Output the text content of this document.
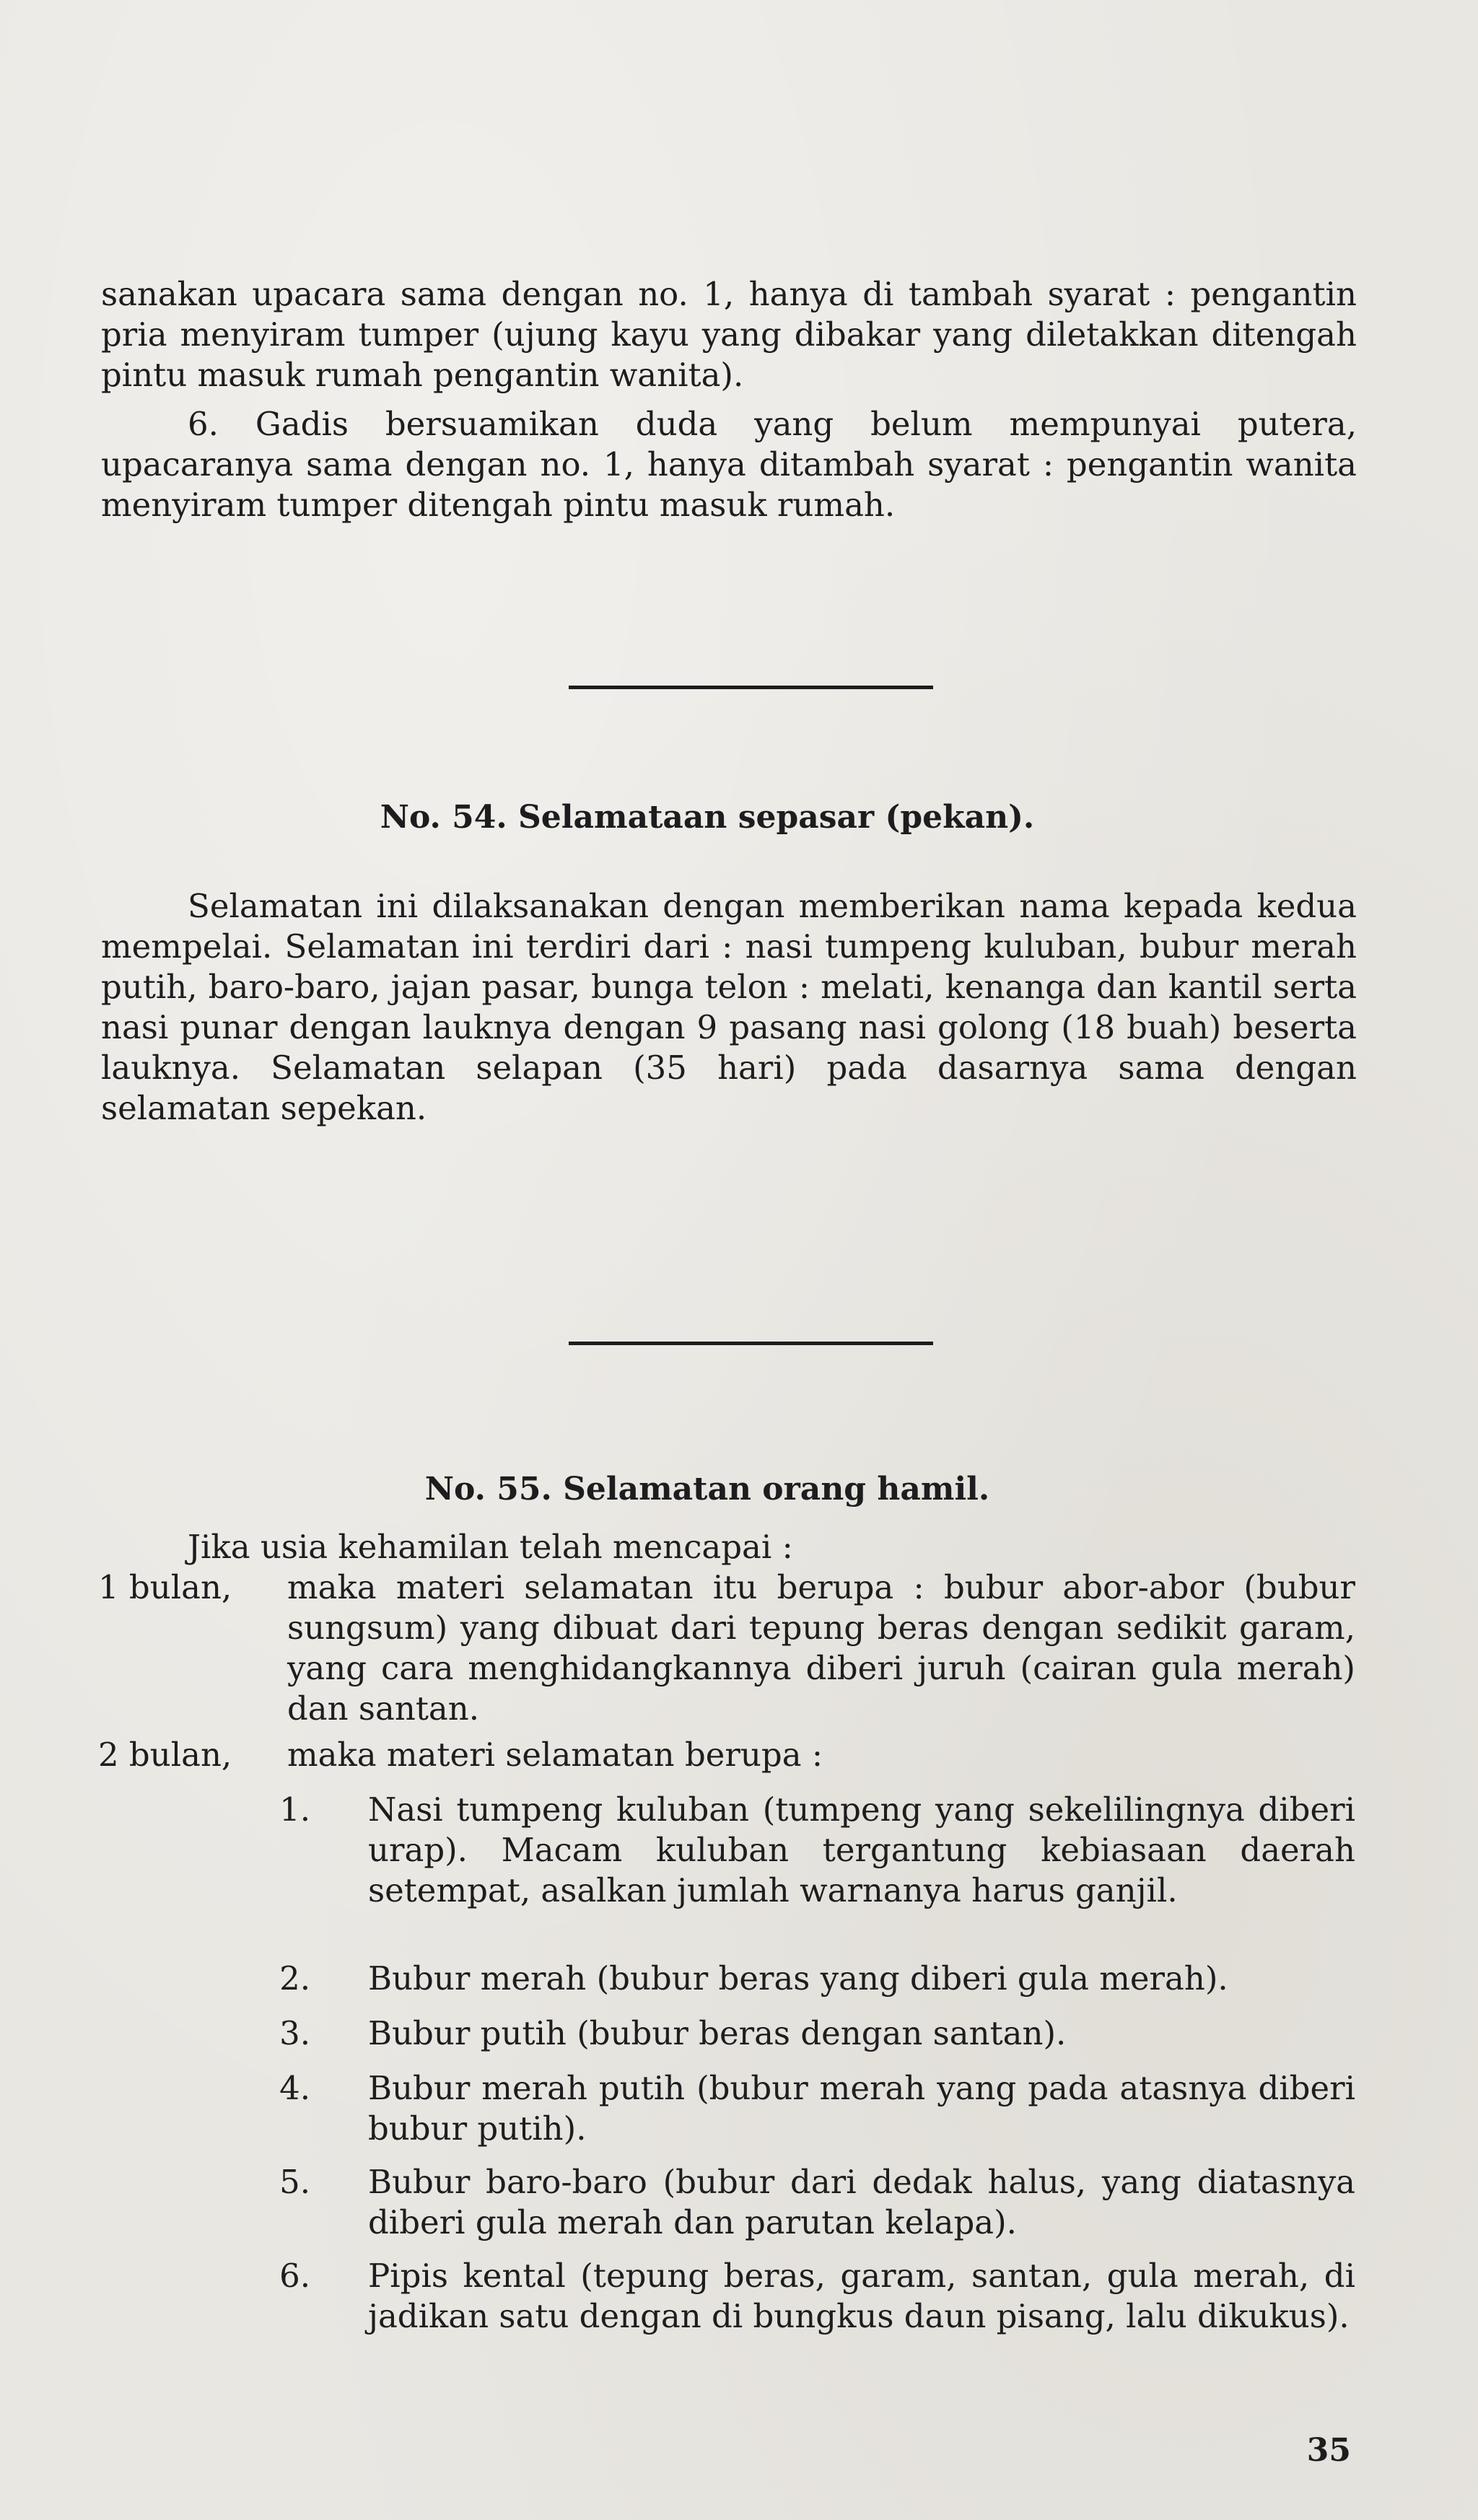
sanakan upacara sama dengan no. 1, hanya di tambah syarat : pengantin pria menyiram tumper (ujung kayu yang dibakar yang diletakkan ditengah pintu masuk rumah pengantin wanita).

6. Gadis bersuamikan duda yang belum mempunyai putera, upacaranya sama dengan no. 1, hanya ditambah syarat : pengantin wanita menyiram tumper ditengah pintu masuk rumah.

No. 54. Selamataan sepasar (pekan).

Selamatan ini dilaksanakan dengan memberikan nama kepada kedua mempelai. Selamatan ini terdiri dari : nasi tumpeng kuluban, bubur merah putih, baro-baro, jajan pasar, bunga telon : melati, kenanga dan kantil serta nasi punar dengan lauknya dengan 9 pasang nasi golong (18 buah) beserta lauknya. Selamatan selapan (35 hari) pada dasarnya sama dengan selamatan sepekan.

No. 55. Selamatan orang hamil.
Jika usia kehamilan telah mencapai :
1 bulan, maka materi selamatan itu berupa : bubur abor-abor (bubur sungsum) yang dibuat dari tepung beras dengan sedikit garam, yang cara menghidangkannya diberi juruh (cairan gula merah) dan santan.
2 bulan, maka materi selamatan berupa :
1. Nasi tumpeng kuluban (tumpeng yang sekelilingnya diberi urap). Macam kuluban tergantung kebiasaan daerah setempat, asalkan jumlah warnanya harus ganjil.
2. Bubur merah (bubur beras yang diberi gula merah).
3. Bubur putih (bubur beras dengan santan).
4. Bubur merah putih (bubur merah yang pada atasnya diberi bubur putih).
5. Bubur baro-baro (bubur dari dedak halus, yang diatasnya diberi gula merah dan parutan kelapa).
6. Pipis kental (tepung beras, garam, santan, gula merah, di jadikan satu dengan di bungkus daun pisang, lalu dikukus).
35
